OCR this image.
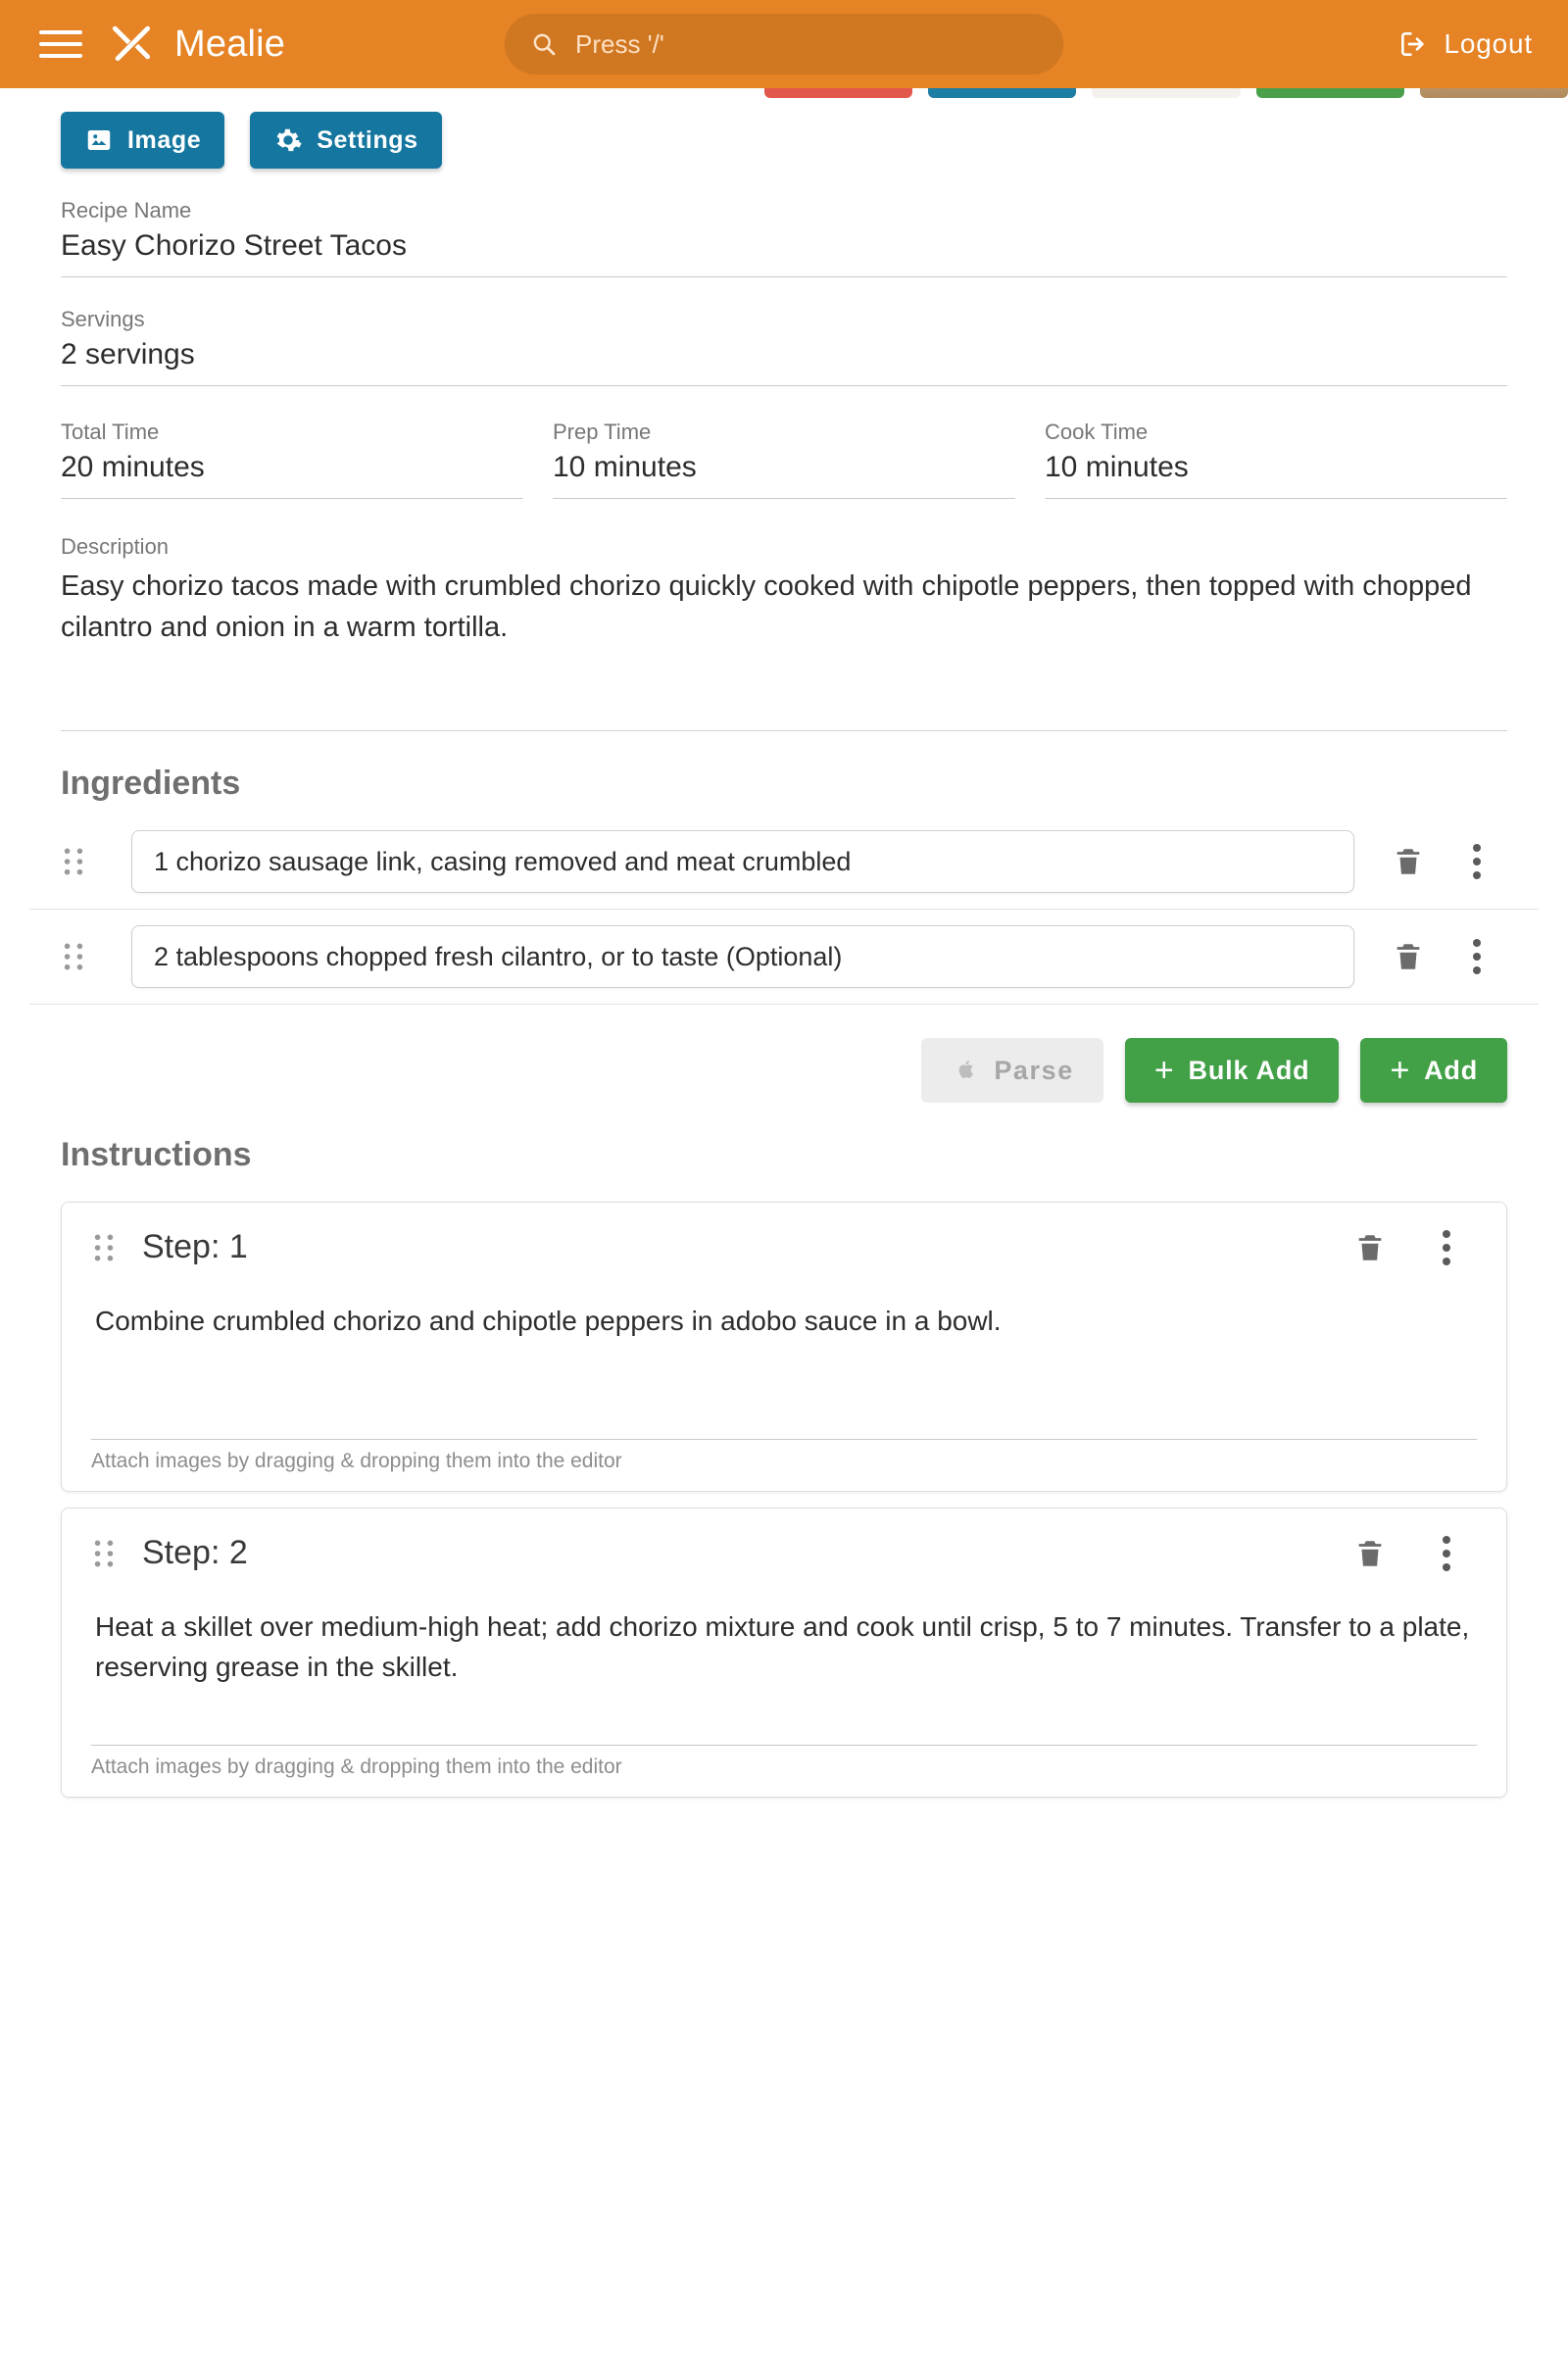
Mealie
Press '/'	Logout
Image	Settings
Recipe Name
Easy Chorizo Street Tacos
Servings
2 servings
Total Time
20 minutes
Prep Time
10 minutes
Cook Time
10 minutes
Description
Easy chorizo tacos made with crumbled chorizo quickly cooked with chipotle peppers, then topped with chopped cilantro and onion in a warm tortilla.
Ingredients
1 chorizo sausage link, casing removed and meat crumbled
2 tablespoons chopped fresh cilantro, or to taste (Optional)
Parse + Bulk Add + Add
Instructions
Step: 1
Combine crumbled chorizo and chipotle peppers in adobo sauce in a bowl.
Attach images by dragging & dropping them into the editor
Step: 2
Heat a skillet over medium-high heat; add chorizo mixture and cook until crisp, 5 to 7 minutes. Transfer to a plate, reserving grease in the skillet.
Attach images by dragging & dropping them into the editor
